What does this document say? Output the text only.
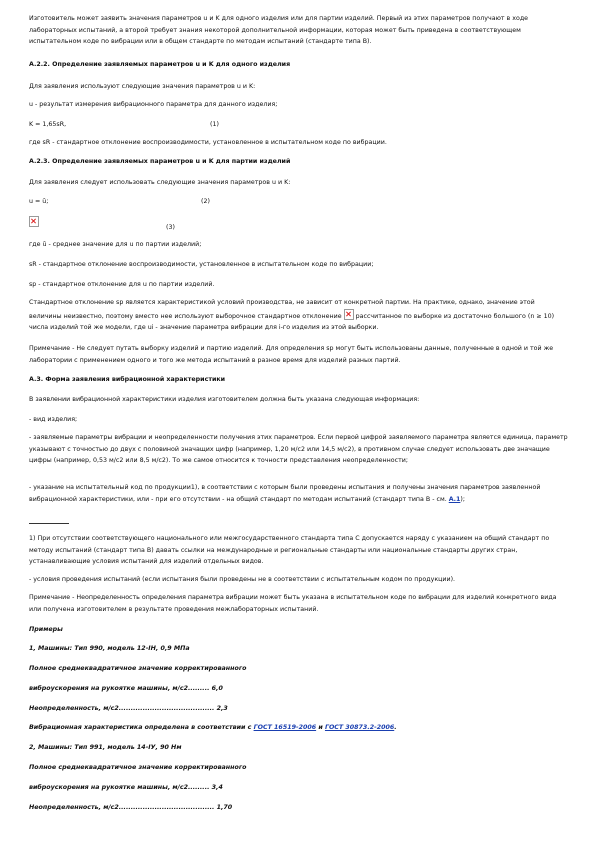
Изготовитель может заявить значения параметров u и K для одного изделия или для партии изделий. Первый из этих параметров получают в ходе лабораторных испытаний, а второй требует знания некоторой дополнительной информации, которая может быть приведена в соответствующем испытательном коде по вибрации или в общем стандарте по методам испытаний (стандарте типа B).
A.2.2. Определение заявляемых параметров u и K для одного изделия
Для заявления используют следующие значения параметров u и K:
u - результат измерения вибрационного параметра для данного изделия;
K = 1,65sR,	(1)
где sR - стандартное отклонение воспроизводимости, установленное в испытательном коде по вибрации.
A.2.3. Определение заявляемых параметров u и K для партии изделий
Для заявления следует использовать следующие значения параметров u и K:
u = ū;	(2)
(3)
где ū - среднее значение для u по партии изделий;
sR - стандартное отклонение воспроизводимости, установленное в испытательном коде по вибрации;
sp - стандартное отклонение для u по партии изделий.
Стандартное отклонение sp является характеристикой условий производства, не зависит от конкретной партии. На практике, однако, значение этой величины неизвестно, поэтому вместо нее используют выборочное стандартное отклонение рассчитанное по выборке из достаточно большого (n ≥ 10) числа изделий той же модели, где ui - значение параметра вибрации для i-го изделия из этой выборки.
Примечание - Не следует путать выборку изделий и партию изделий. Для определения sp могут быть использованы данные, полученные в одной и той же лаборатории с применением одного и того же метода испытаний в разное время для изделий разных партий.
A.3. Форма заявления вибрационной характеристики
В заявлении вибрационной характеристики изделия изготовителем должна быть указана следующая информация:
- вид изделия;
- заявляемые параметры вибрации и неопределенности получения этих параметров. Если первой цифрой заявляемого параметра является единица, параметр указывают с точностью до двух с половиной значащих цифр (например, 1,20 м/с2 или 14,5 м/с2), в противном случае следует использовать две значащие цифры (например, 0,53 м/с2 или 8,5 м/с2). То же самое относится к точности представления неопределенности;
- указание на испытательный код по продукции1), в соответствии с которым были проведены испытания и получены значения параметров заявленной вибрационной характеристики, или - при его отсутствии - на общий стандарт по методам испытаний (стандарт типа B - см. А.1);
1) При отсутствии соответствующего национального или межгосударственного стандарта типа C допускается наряду с указанием на общий стандарт по методу испытаний (стандарт типа B) давать ссылки на международные и региональные стандарты или национальные стандарты других стран, устанавливающие условия испытаний для изделий отдельных видов.
- условия проведения испытаний (если испытания были проведены не в соответствии с испытательным кодом по продукции).
Примечание - Неопределенность определения параметра вибрации может быть указана в испытательном коде по вибрации для изделий конкретного вида или получена изготовителем в результате проведения межлабораторных испытаний.
Примеры
1, Машины: Тип 990, модель 12-ІН, 0,9 MПа
Полное среднеквадратичное значение корректированного
виброускорения на рукоятке машины, м/с2......... 6,0
Неопределенность, м/с2........................................ 2,3
Вибрационная характеристика определена в соответствии с ГОСТ 16519-2006 и ГОСТ 30873.2-2006.
2, Машины: Тип 991, модель 14-ІУ, 90 Нм
Полное среднеквадратичное значение корректированного
виброускорения на рукоятке машины, м/с2......... 3,4
Неопределенность, м/с2........................................ 1,70
